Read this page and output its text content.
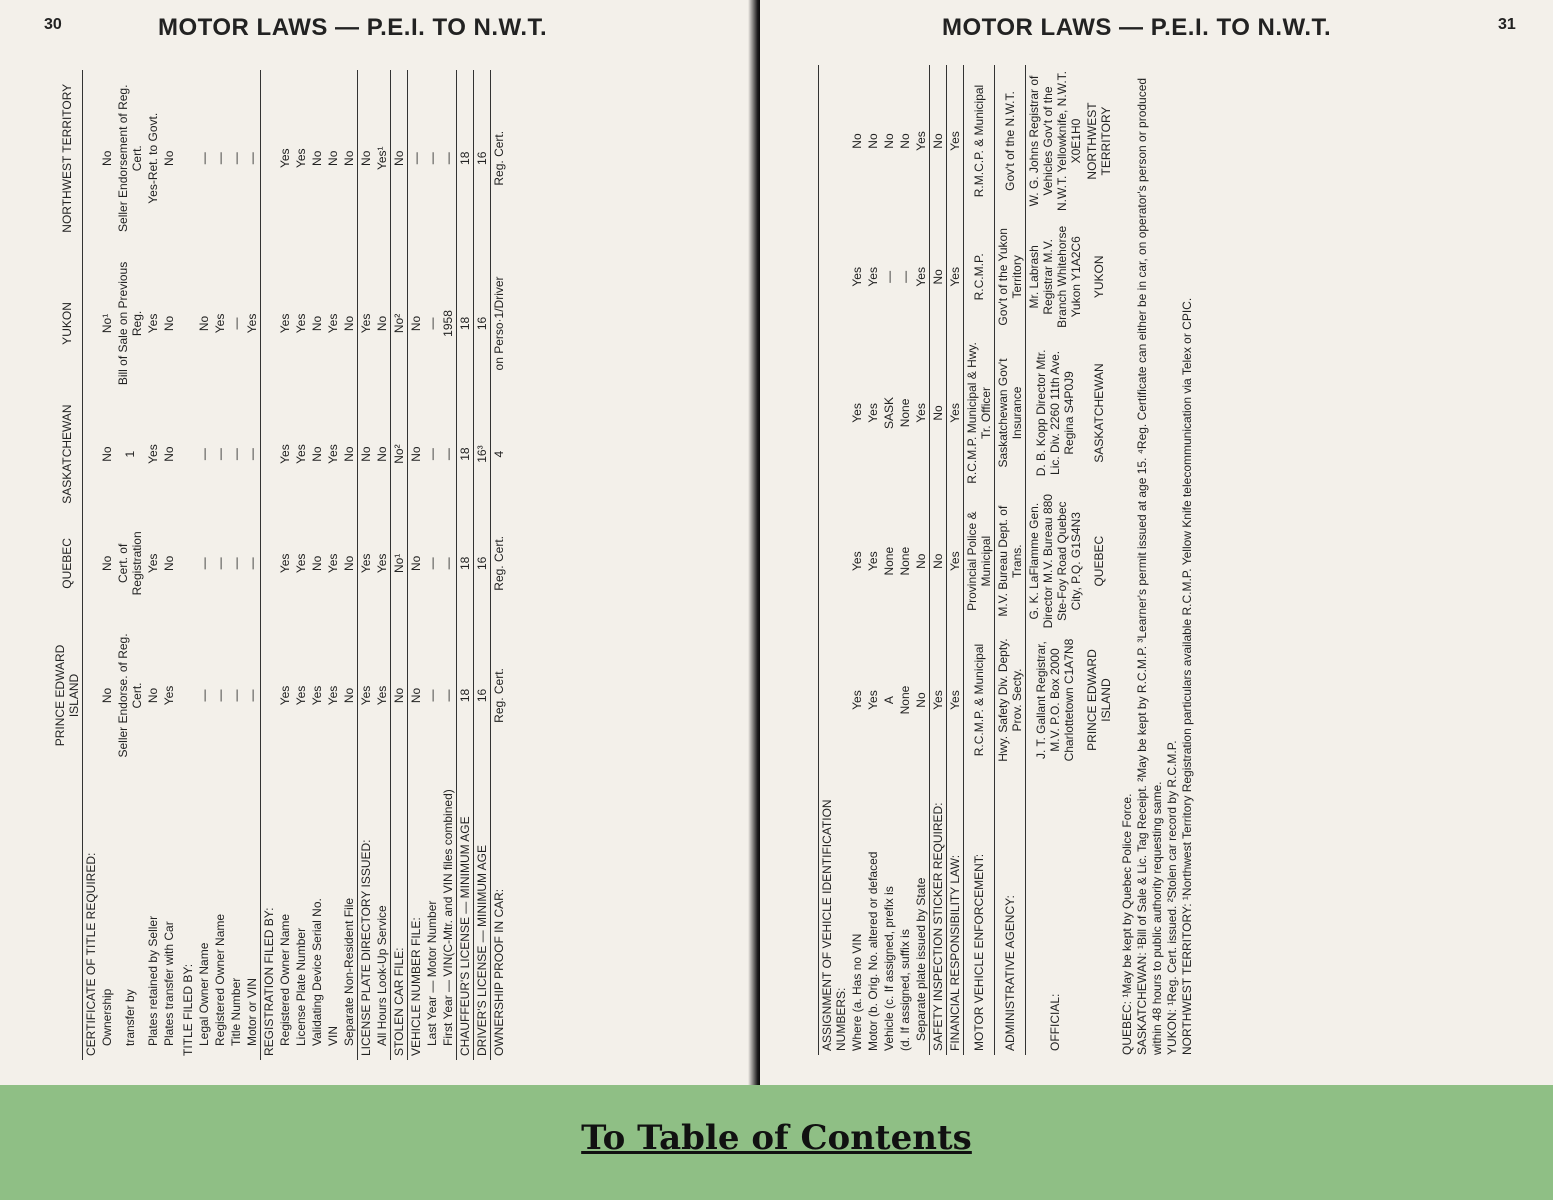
30	MOTOR LAWS — P.E.I. TO N.W.T.
	PRINCE EDWARD ISLAND	QUEBEC	SASKATCHEWAN	YUKON	NORTHWEST TERRITORY
CERTIFICATE OF TITLE REQUIRED:					
Ownership	No	No	No	No¹	No
transfer by	Seller Endorse. of Reg. Cert.	Cert. of Registration	1	Bill of Sale on Previous Reg.	Seller Endorsement of Reg. Cert.
Plates retained by Seller	No	Yes	Yes	Yes	Yes-Ret. to Govt.
Plates transfer with Car	Yes	No	No	No	No
TITLE FILED BY:					
Legal Owner Name	—	—	—	No	—
Registered Owner Name	—	—	—	Yes	—
Title Number	—	—	—	—	—
Motor or VIN	—	—	—	Yes	—
REGISTRATION FILED BY:					
Registered Owner Name	Yes	Yes	Yes	Yes	Yes
License Plate Number	Yes	Yes	Yes	Yes	Yes
Validating Device Serial No.	Yes	No	No	No	No
VIN	Yes	Yes	Yes	Yes	No
Separate Non-Resident File	No	No	No	No	No
LICENSE PLATE DIRECTORY ISSUED:	Yes	Yes	No	Yes	No
All Hours Look-Up Service	Yes	Yes	No	No	Yes¹
STOLEN CAR FILE:	No	No¹	No²	No²	No
VEHICLE NUMBER FILE:	No	No	No	No	—
Last Year — Motor Number	—	—	—	—	—
First Year — VIN(C-Mtr. and VIN files combined)	—	—	—	1958	—
CHAUFFEUR'S LICENSE — MINIMUM AGE	18	18	18	18	18
DRIVER'S LICENSE — MINIMUM AGE	16	16	16³	16	16
OWNERSHIP PROOF IN CAR:	Reg. Cert.	Reg. Cert.	4	on Perso·1/Driver	Reg. Cert.
MOTOR LAWS — P.E.I. TO N.W.T.	31
ASSIGNMENT OF VEHICLE IDENTIFICATION NUMBERS:					
Where (a. Has no VIN	Yes	Yes	Yes	Yes	No
Motor (b. Orig. No. altered or defaced	Yes	Yes	Yes	Yes	No
Vehicle (c. If assigned, prefix is	A	None	SASK	—	No
(d. If assigned, suffix is	None	None	None	—	No
Separate plate issued by State	No	No	Yes	Yes	Yes
SAFETY INSPECTION STICKER REQUIRED:	Yes	No	No	No	No
FINANCIAL RESPONSIBILITY LAW:	Yes	Yes	Yes	Yes	Yes
MOTOR VEHICLE ENFORCEMENT:	R.C.M.P. & Municipal	Provincial Police & Municipal	R.C.M.P. Municipal & Hwy. Tr. Officer	R.C.M.P.	R.M.C.P. & Municipal
ADMINISTRATIVE AGENCY:	Hwy. Safety Div. Depty. Prov. Secty.	M.V. Bureau Dept. of Trans.	Saskatchewan Gov't Insurance	Gov't of the Yukon Territory	Gov't of the N.W.T.
OFFICIAL:	J. T. Gallant Registrar, M.V. P.O. Box 2000 Charlottetown C1A7N8	G. K. LaFlamme Gen. Director M.V. Bureau 880 Ste-Foy Road Quebec City, P.Q. G1S4N3	D. B. Kopp Director Mtr. Lic. Div. 2260 11th Ave. Regina S4P0J9	Mr. Labrash Registrar M.V. Branch Whitehorse Yukon Y1A2C6	W. G. Johns Registrar of Vehicles Gov't of the N.W.T. Yellowknife, N.W.T. X0E1H0
	PRINCE EDWARD ISLAND	QUEBEC	SASKATCHEWAN	YUKON	NORTHWEST TERRITORY
QUEBEC: ¹May be kept by Quebec Police Force. SASKATCHEWAN: ¹Bill of Sale & Lic. Tag Receipt. ²May be kept by R.C.M.P. ³Learner's permit issued at age 15. ⁴Reg. Certificate can either be in car, on operator's person or produced within 48 hours to public authority requesting same. YUKON: ¹Reg. Cert. issued. ²Stolen car record by R.C.M.P. NORTHWEST TERRITORY: ¹Northwest Territory Registration particulars available R.C.M.P. Yellow Knife telecommunication via Telex or CPIC.
To Table of Contents
